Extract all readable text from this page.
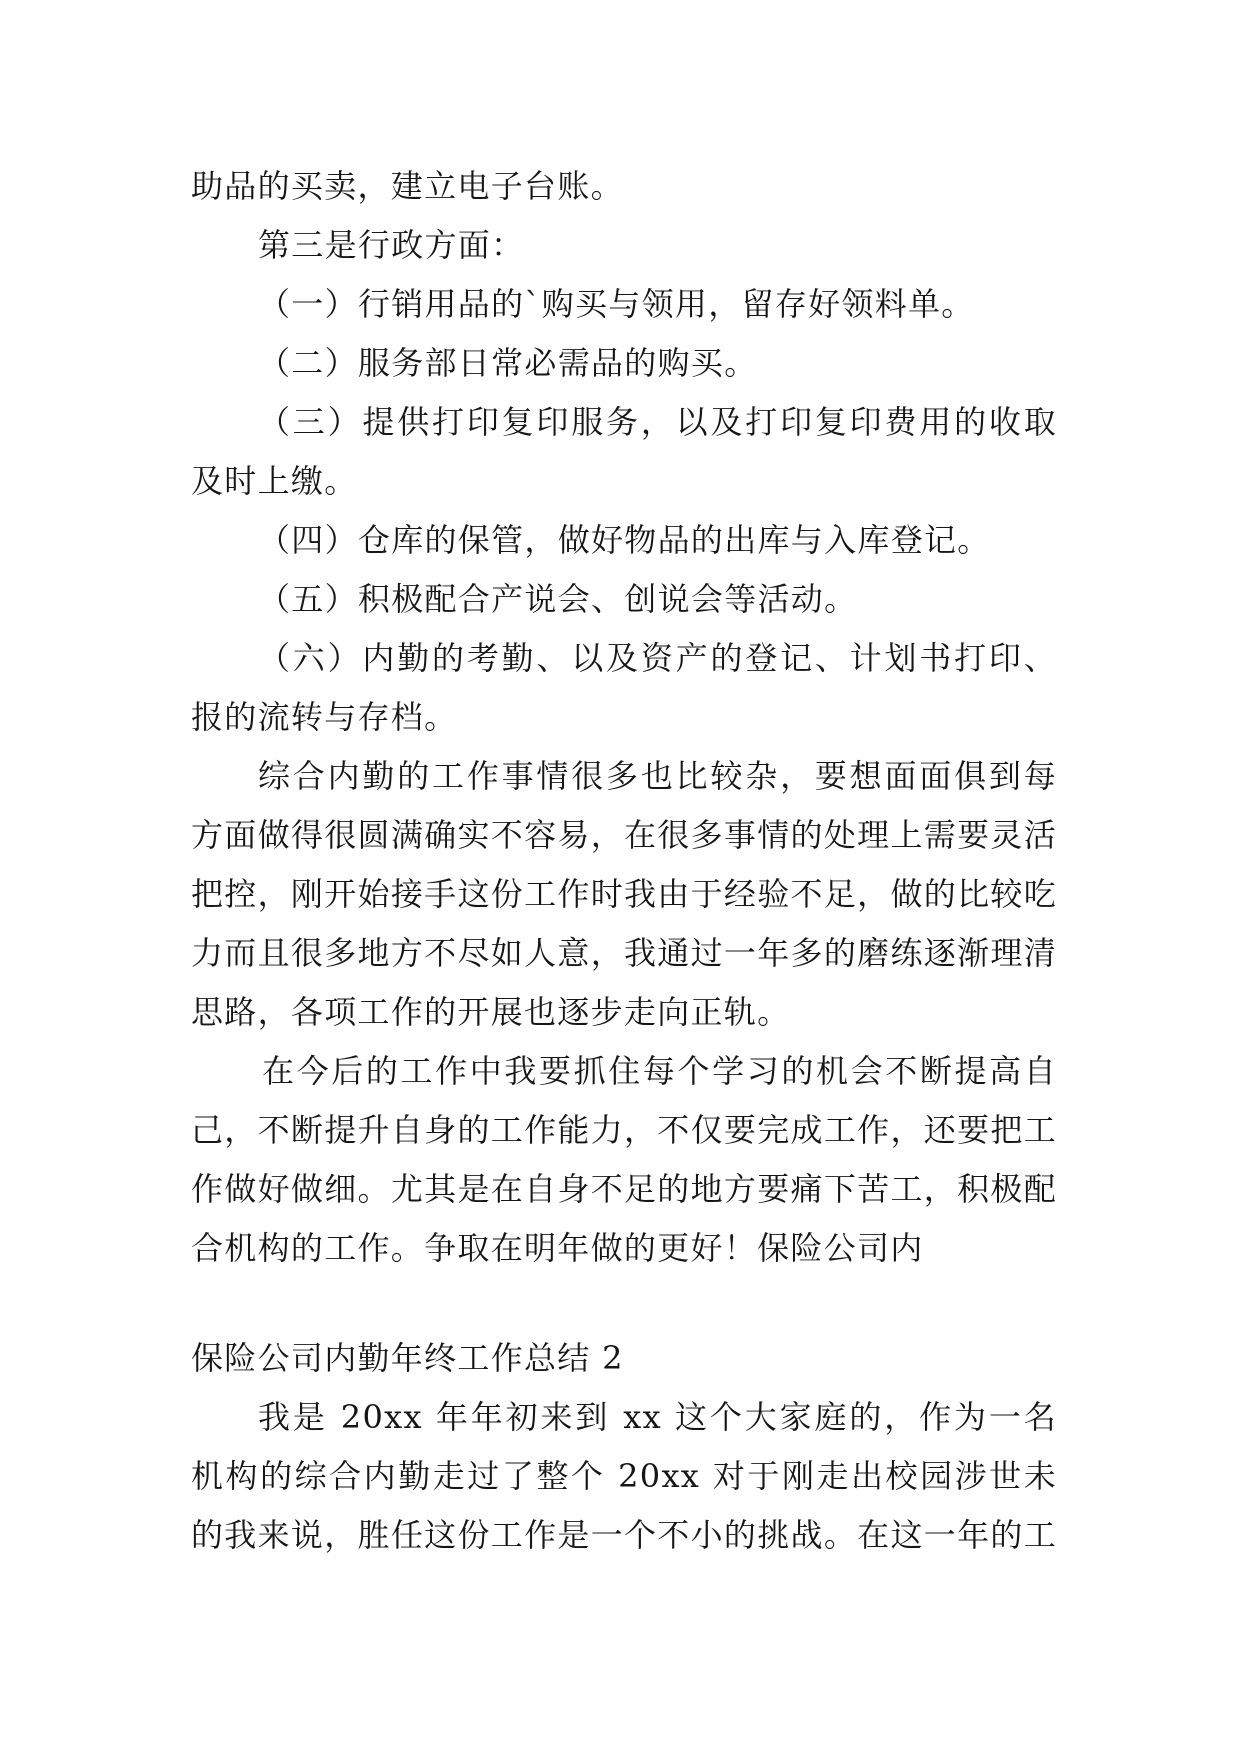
助品的买卖，建立电子台账。
第三是行政方面：
（一）行销用品的`购买与领用，留存好领料单。
（二）服务部日常必需品的购买。
（三）提供打印复印服务，以及打印复印费用的收取
及时上缴。
（四）仓库的保管，做好物品的出库与入库登记。
（五）积极配合产说会、创说会等活动。
（六）内勤的考勤、以及资产的登记、计划书打印、
报的流转与存档。
综合内勤的工作事情很多也比较杂，要想面面俱到每
方面做得很圆满确实不容易，在很多事情的处理上需要灵活
把控，刚开始接手这份工作时我由于经验不足，做的比较吃
力而且很多地方不尽如人意，我通过一年多的磨练逐渐理清
思路，各项工作的开展也逐步走向正轨。
在今后的工作中我要抓住每个学习的机会不断提高自
己，不断提升自身的工作能力，不仅要完成工作，还要把工
作做好做细。尤其是在自身不足的地方要痛下苦工，积极配
合机构的工作。争取在明年做的更好！保险公司内
保险公司内勤年终工作总结 2
我是 20xx 年年初来到 xx 这个大家庭的，作为一名
机构的综合内勤走过了整个 20xx 对于刚走出校园涉世未
的我来说，胜任这份工作是一个不小的挑战。在这一年的工
